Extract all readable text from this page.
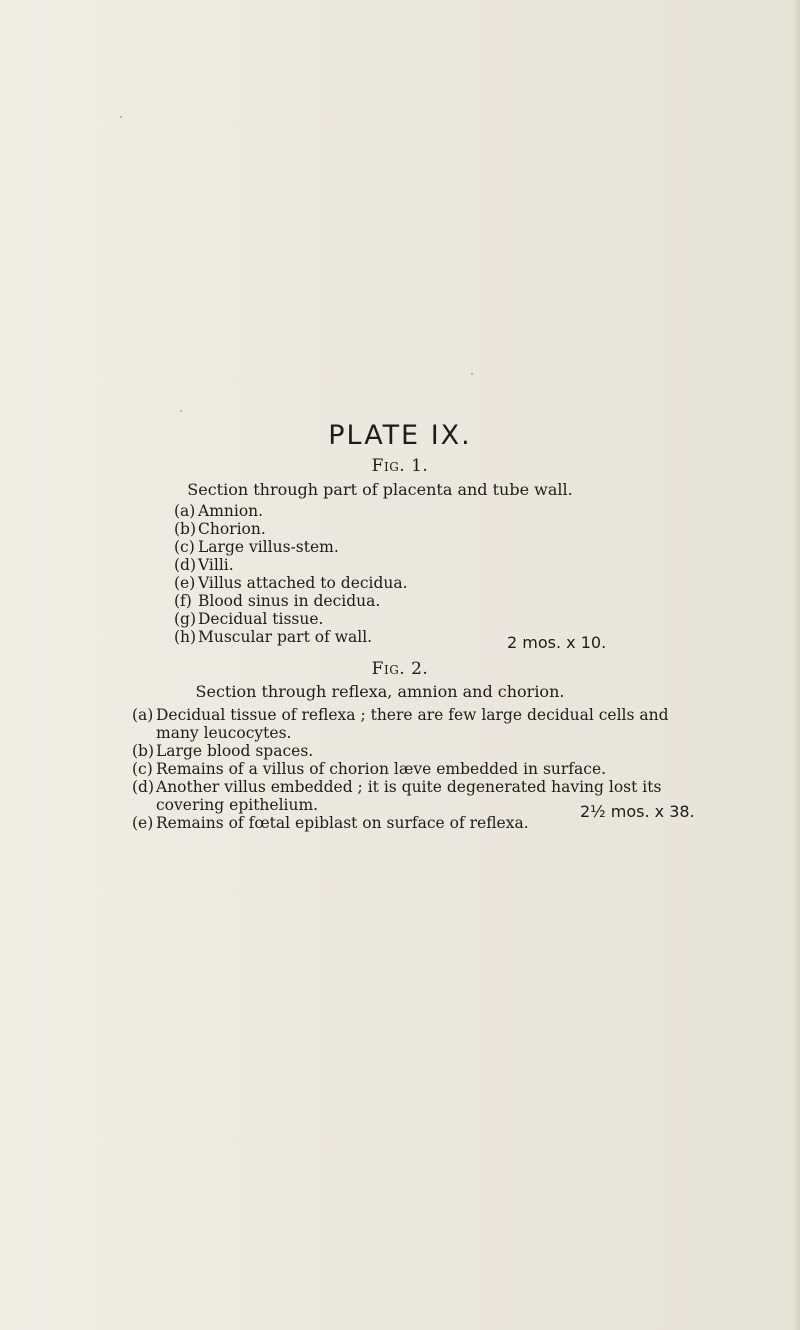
PLATE IX.
Fig. 1.
Section through part of placenta and tube wall.
(a) Amnion.
(b) Chorion.
(c) Large villus-stem.
(d) Villi.
(e) Villus attached to decidua.
(f) Blood sinus in decidua.
(g) Decidual tissue.
(h) Muscular part of wall.	2 mos. x 10.
Fig. 2.
Section through reflexa, amnion and chorion.
(a) Decidual tissue of reflexa ; there are few large decidual cells and many leucocytes.
(b) Large blood spaces.
(c) Remains of a villus of chorion læve embedded in surface.
(d) Another villus embedded ; it is quite degenerated having lost its covering epithelium.
(e) Remains of fœtal epiblast on surface of reflexa.
2½ mos. x 38.
